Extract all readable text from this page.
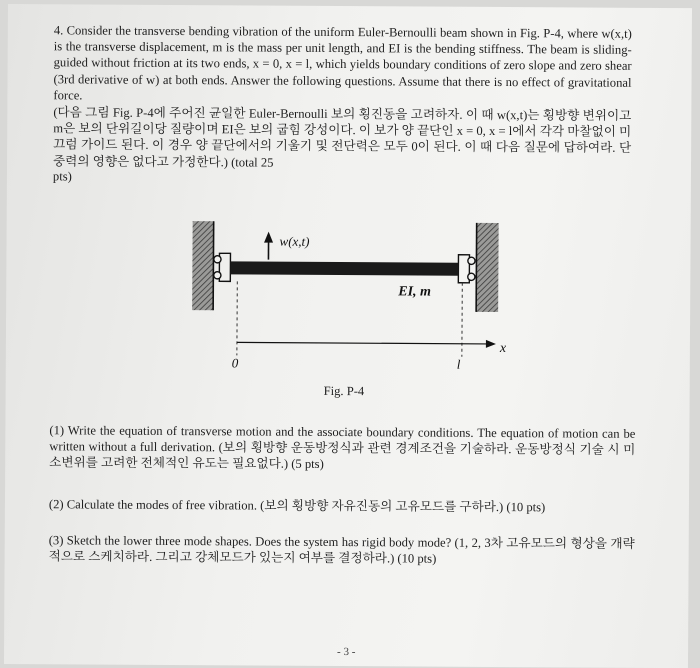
4. Consider the transverse bending vibration of the uniform Euler-Bernoulli beam shown in Fig. P-4, where w(x,t) is the transverse displacement, m is the mass per unit length, and EI is the bending stiffness. The beam is sliding-guided without friction at its two ends, x = 0, x = l, which yields boundary conditions of zero slope and zero shear (3rd derivative of w) at both ends. Answer the following questions. Assume that there is no effect of gravitational force.

(다음 그림 Fig. P-4에 주어진 균일한 Euler-Bernoulli 보의 횡진동을 고려하자. 이 때 w(x,t)는 횡방향 변위이고 m은 보의 단위길이당 질량이며 EI은 보의 굽힘 강성이다. 이 보가 양 끝단인 x = 0, x = l에서 각각 마찰없이 미끄럼 가이드 된다. 이 경우 양 끝단에서의 기울기 및 전단력은 모두 0이 된다. 이 때 다음 질문에 답하여라. 단 중력의 영향은 없다고 가정한다.) (total 25

pts)

w(x,t)
EI, m
x
0	l
Fig. P-4

(1) Write the equation of transverse motion and the associate boundary conditions. The equation of motion can be written without a full derivation. (보의 횡방향 운동방정식과 관련 경계조건을 기술하라. 운동방정식 기술 시 미소변위를 고려한 전체적인 유도는 필요없다.) (5 pts)

(2) Calculate the modes of free vibration. (보의 횡방향 자유진동의 고유모드를 구하라.) (10 pts)

(3) Sketch the lower three mode shapes. Does the system has rigid body mode? (1, 2, 3차 고유모드의 형상을 개략적으로 스케치하라. 그리고 강체모드가 있는지 여부를 결정하라.) (10 pts)

- 3 -
